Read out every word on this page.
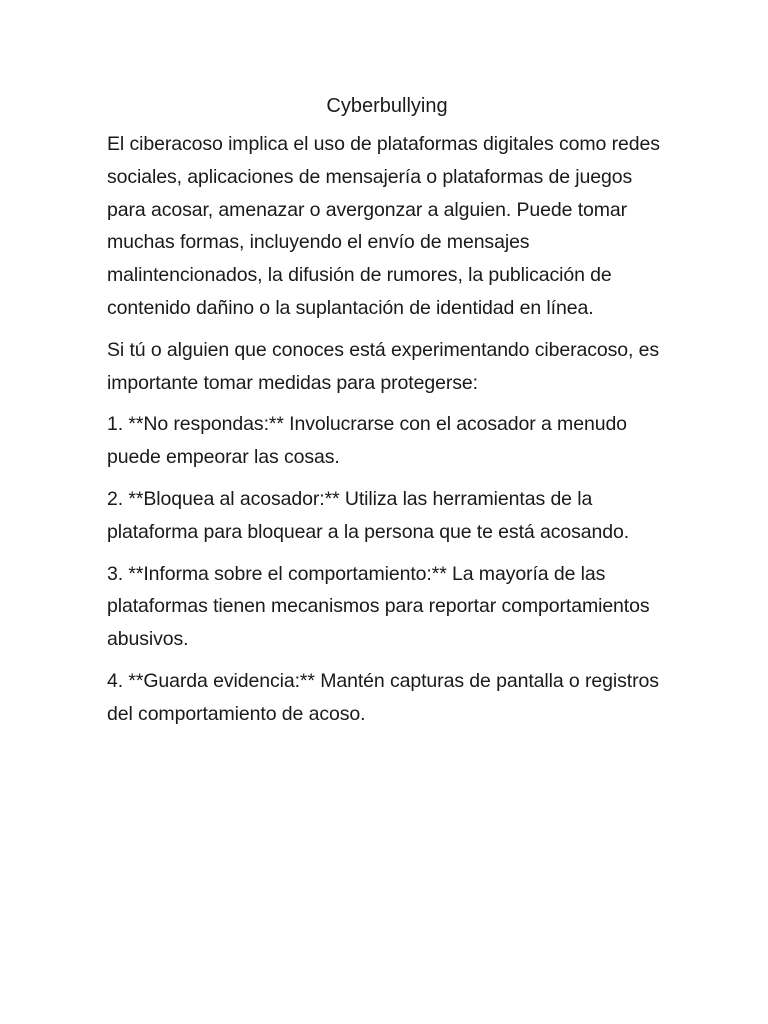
Cyberbullying

El ciberacoso implica el uso de plataformas digitales como redes sociales, aplicaciones de mensajería o plataformas de juegos para acosar, amenazar o avergonzar a alguien. Puede tomar muchas formas, incluyendo el envío de mensajes malintencionados, la difusión de rumores, la publicación de contenido dañino o la suplantación de identidad en línea.

Si tú o alguien que conoces está experimentando ciberacoso, es importante tomar medidas para protegerse:

1. **No respondas:** Involucrarse con el acosador a menudo puede empeorar las cosas.

2. **Bloquea al acosador:** Utiliza las herramientas de la plataforma para bloquear a la persona que te está acosando.

3. **Informa sobre el comportamiento:** La mayoría de las plataformas tienen mecanismos para reportar comportamientos abusivos.

4. **Guarda evidencia:** Mantén capturas de pantalla o registros del comportamiento de acoso.
